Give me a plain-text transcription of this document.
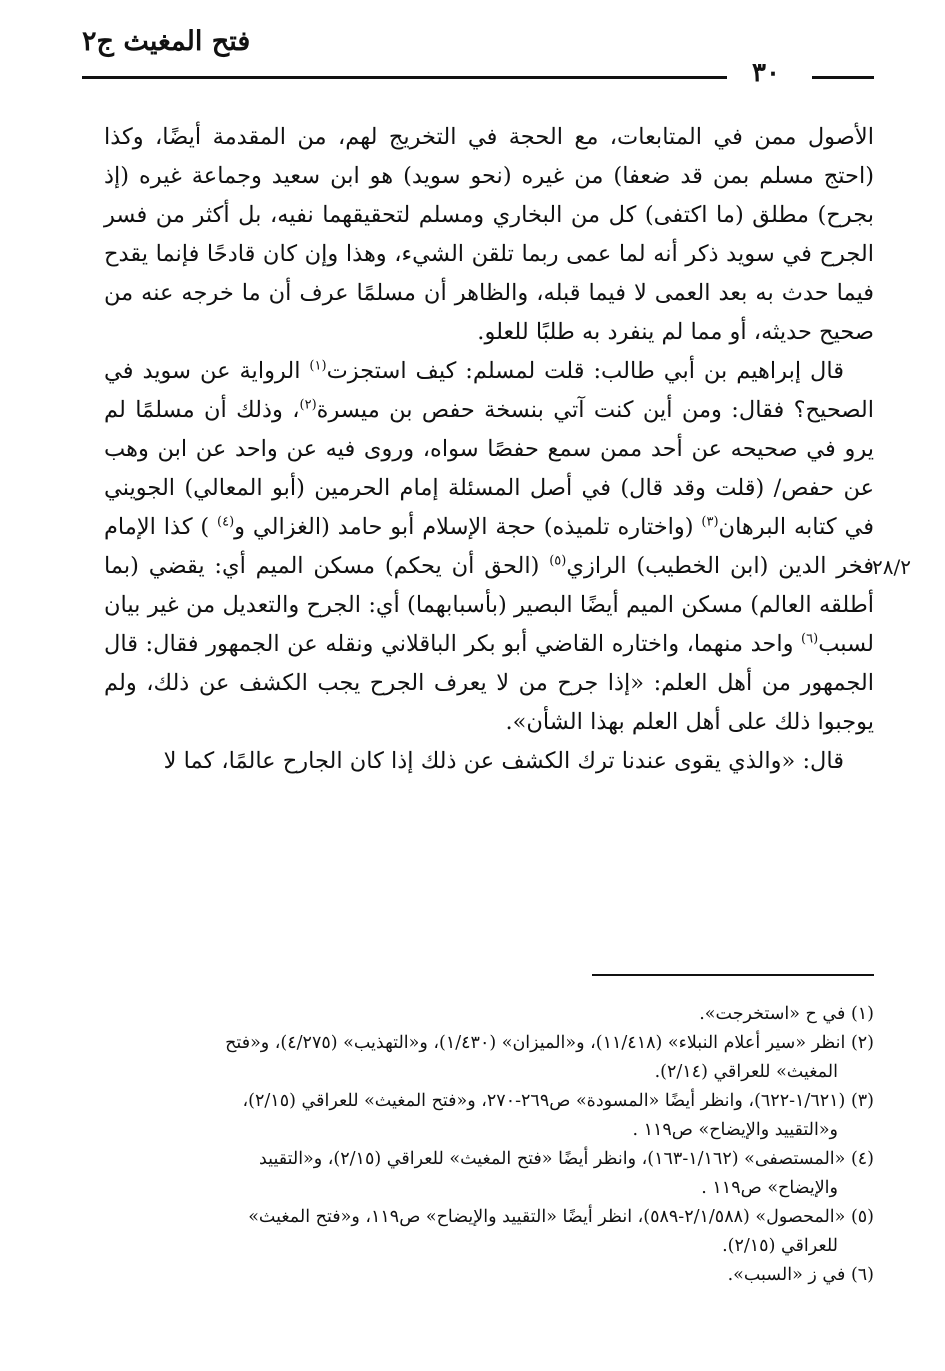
فتح المغيث ج٢
٣٠
٢٨/٢

الأصول ممن في المتابعات، مع الحجة في التخريج لهم، من المقدمة أيضًا، وكذا (احتج مسلم بمن قد ضعفا) من غيره (نحو سويد) هو ابن سعيد وجماعة غيره (إذ بجرح) مطلق (ما اكتفى) كل من البخاري ومسلم لتحقيقهما نفيه، بل أكثر من فسر الجرح في سويد ذكر أنه لما عمى ربما تلقن الشيء، وهذا وإن كان قادحًا فإنما يقدح فيما حدث به بعد العمى لا فيما قبله، والظاهر أن مسلمًا عرف أن ما خرجه عنه من صحيح حديثه، أو مما لم ينفرد به طلبًا للعلو.

قال إبراهيم بن أبي طالب: قلت لمسلم: كيف استجزت$^{(١)}$ الرواية عن سويد في الصحيح؟ فقال: ومن أين كنت آتي بنسخة حفص بن ميسرة$^{(٢)}$، وذلك أن مسلمًا لم يرو في صحيحه عن أحد ممن سمع حفصًا سواه، وروى فيه عن واحد عن ابن وهب عن حفص/ (قلت وقد قال) في أصل المسئلة إمام الحرمين (أبو المعالي) الجويني في كتابه البرهان$^{(٣)}$ (واختاره تلميذه) حجة الإسلام أبو حامد (الغزالي و$^{(٤)}$ ) كذا الإمام فخر الدين (ابن الخطيب) الرازي$^{(٥)}$ (الحق أن يحكم) مسكن الميم أي: يقضي (بما أطلقه العالم) مسكن الميم أيضًا البصير (بأسبابهما) أي: الجرح والتعديل من غير بيان لسبب$^{(٦)}$ واحد منهما، واختاره القاضي أبو بكر الباقلاني ونقله عن الجمهور فقال: قال الجمهور من أهل العلم: «إذا جرح من لا يعرف الجرح يجب الكشف عن ذلك، ولم يوجبوا ذلك على أهل العلم بهذا الشأن».

قال: «والذي يقوى عندنا ترك الكشف عن ذلك إذا كان الجارح عالمًا، كما لا

(١) في ح «استخرجت».

(٢) انظر «سير أعلام النبلاء» (١١/٤١٨)، و«الميزان» (١/٤٣٠)، و«التهذيب» (٤/٢٧٥)، و«فتح
المغيث» للعراقي (٢/١٤).

(٣) (١/٦٢١-٦٢٢)، وانظر أيضًا «المسودة» ص٢٦٩-٢٧٠، و«فتح المغيث» للعراقي (٢/١٥)،
و«التقييد والإيضاح» ص١١٩ .

(٤) «المستصفى» (١/١٦٢-١٦٣)، وانظر أيضًا «فتح المغيث» للعراقي (٢/١٥)، و«التقييد
والإيضاح» ص١١٩ .

(٥) «المحصول» (٢/١/٥٨٨-٥٨٩)، انظر أيضًا «التقييد والإيضاح» ص١١٩، و«فتح المغيث»
للعراقي (٢/١٥).

(٦) في ز «السبب».
